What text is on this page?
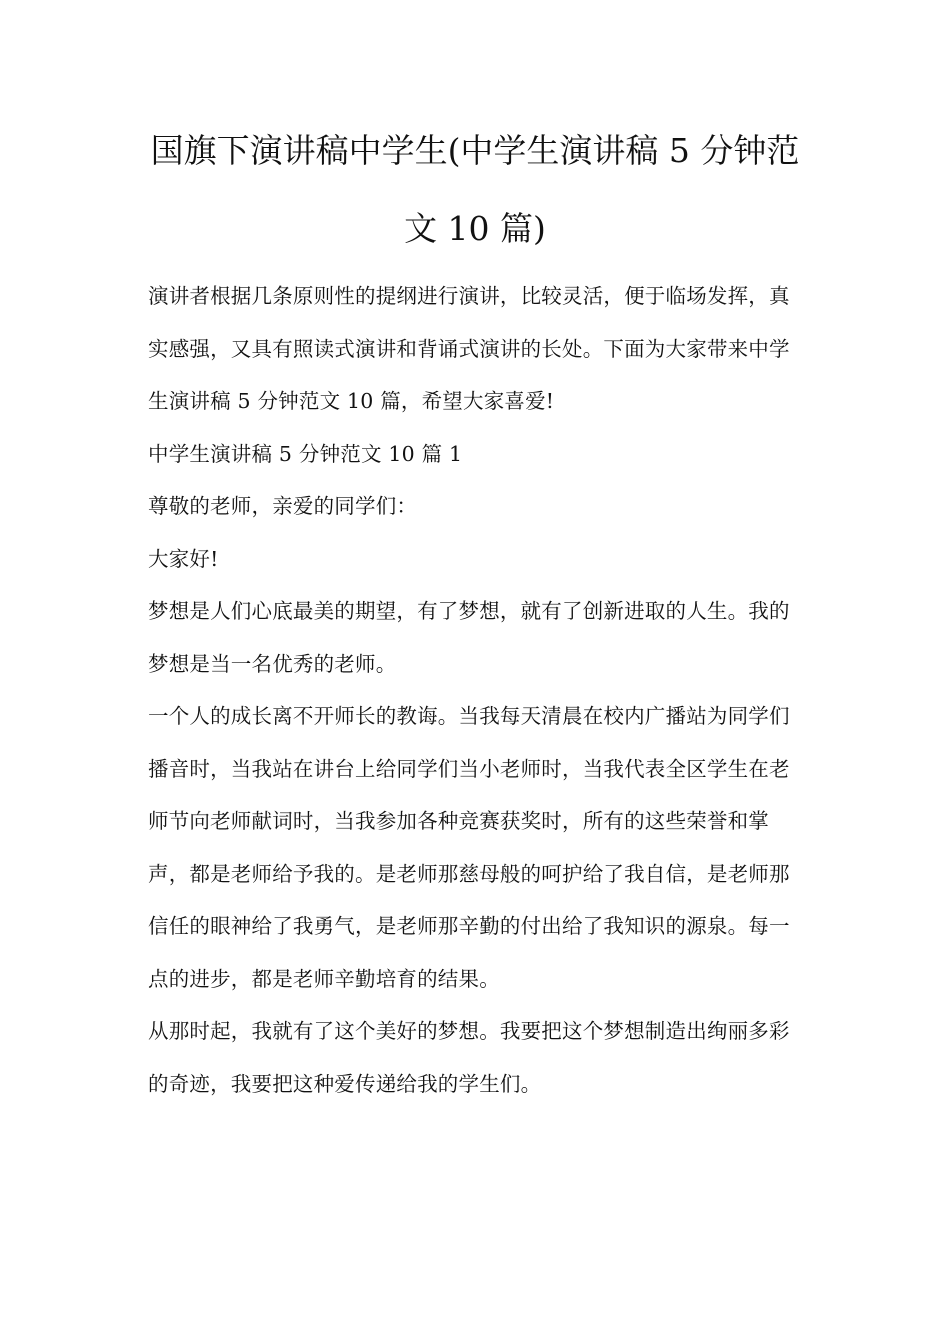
国旗下演讲稿中学生(中学生演讲稿 5 分钟范
文 10 篇)

演讲者根据几条原则性的提纲进行演讲，比较灵活，便于临场发挥，真实感强，又具有照读式演讲和背诵式演讲的长处。下面为大家带来中学生演讲稿 5 分钟范文 10 篇，希望大家喜爱!

中学生演讲稿 5 分钟范文 10 篇 1

尊敬的老师，亲爱的同学们：

大家好!

梦想是人们心底最美的期望，有了梦想，就有了创新进取的人生。我的梦想是当一名优秀的老师。

一个人的成长离不开师长的教诲。当我每天清晨在校内广播站为同学们播音时，当我站在讲台上给同学们当小老师时，当我代表全区学生在老师节向老师献词时，当我参加各种竞赛获奖时，所有的这些荣誉和掌声，都是老师给予我的。是老师那慈母般的呵护给了我自信，是老师那信任的眼神给了我勇气，是老师那辛勤的付出给了我知识的源泉。每一点的进步，都是老师辛勤培育的结果。

从那时起，我就有了这个美好的梦想。我要把这个梦想制造出绚丽多彩的奇迹，我要把这种爱传递给我的学生们。
